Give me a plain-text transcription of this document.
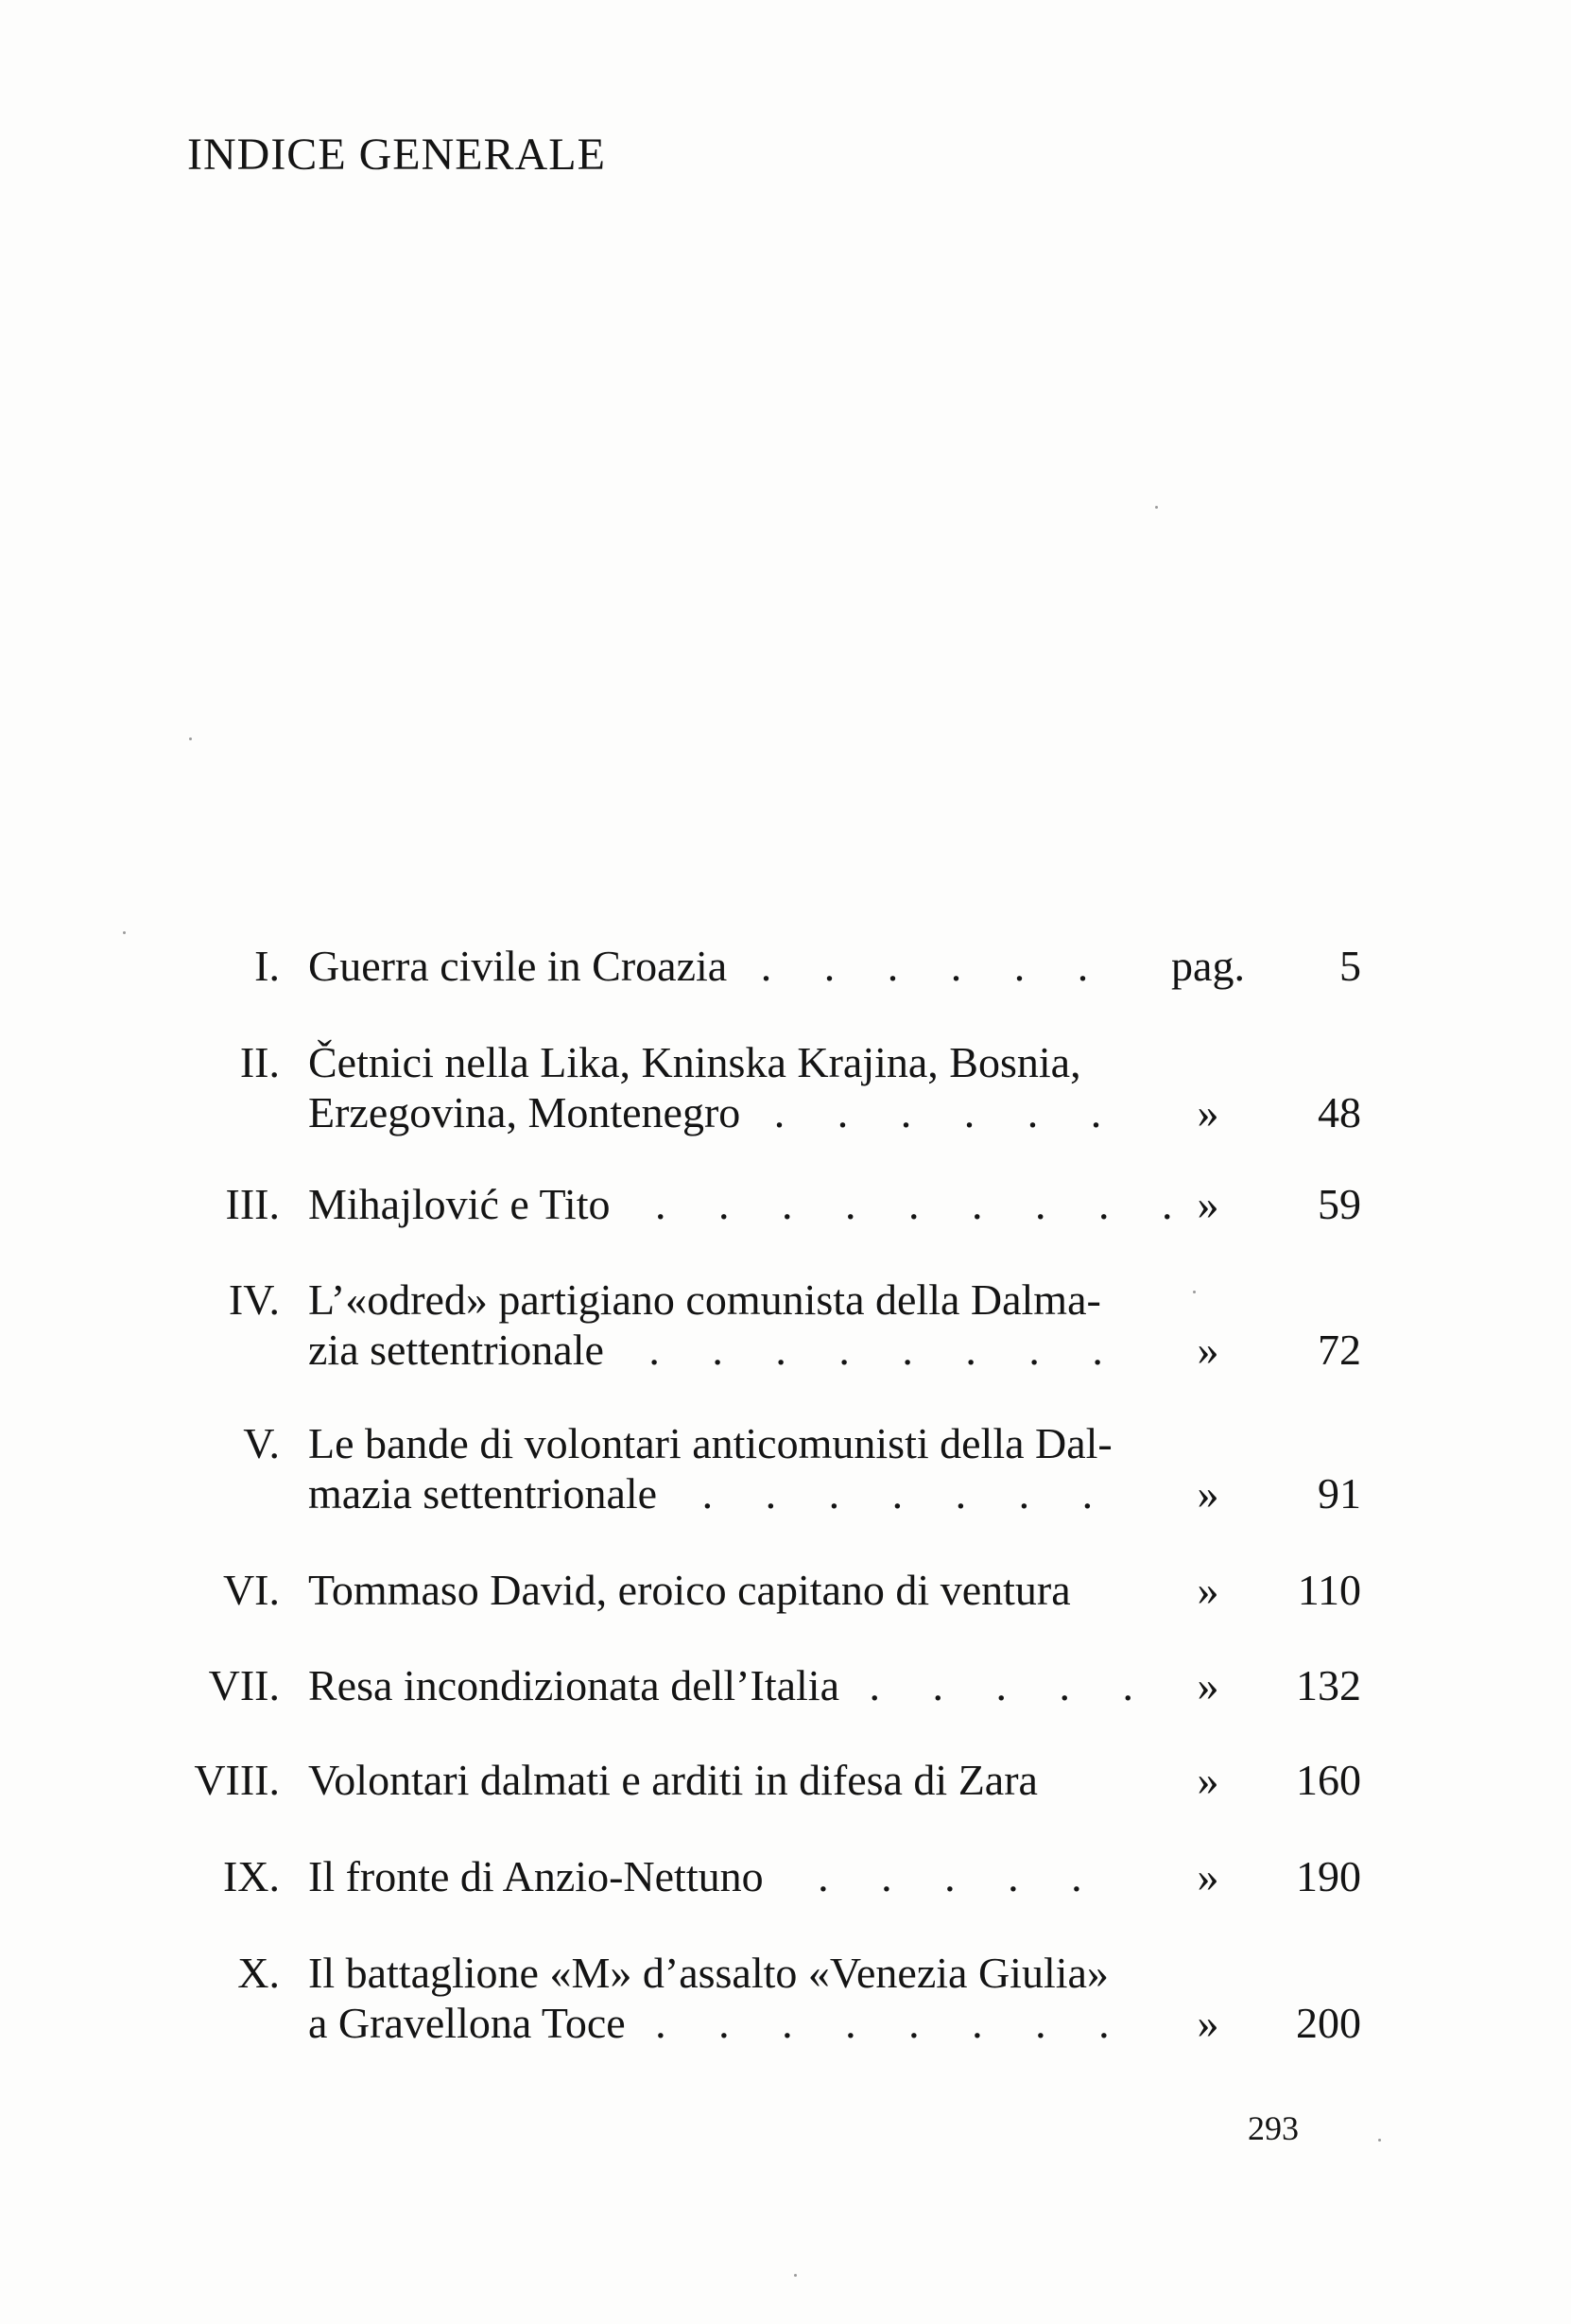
INDICE GENERALE
I. Guerra civile in Croazia . . . . . . pag.	5
II. Četnici nella Lika, Kninska Krajina, Bosnia,
Erzegovina, Montenegro . . . . . .	»	48
III. Mihajlović e Tito . . . . . . . . . »	59
IV. L’«odred» partigiano comunista della Dalma-
zia settentrionale . . . . . . . .	»	72
V. Le bande di volontari anticomunisti della Dal-
mazia settentrionale . . . . . . .	»	91
VI. Tommaso David, eroico capitano di ventura	»	110
VII. Resa incondizionata dell’Italia . . . . . »	132
VIII. Volontari dalmati e arditi in difesa di Zara	»	160
IX. Il fronte di Anzio-Nettuno . . . . .	»	190
X. Il battaglione «M» d’assalto «Venezia Giulia»
a Gravellona Toce . . . . . . . .	»	200
293
